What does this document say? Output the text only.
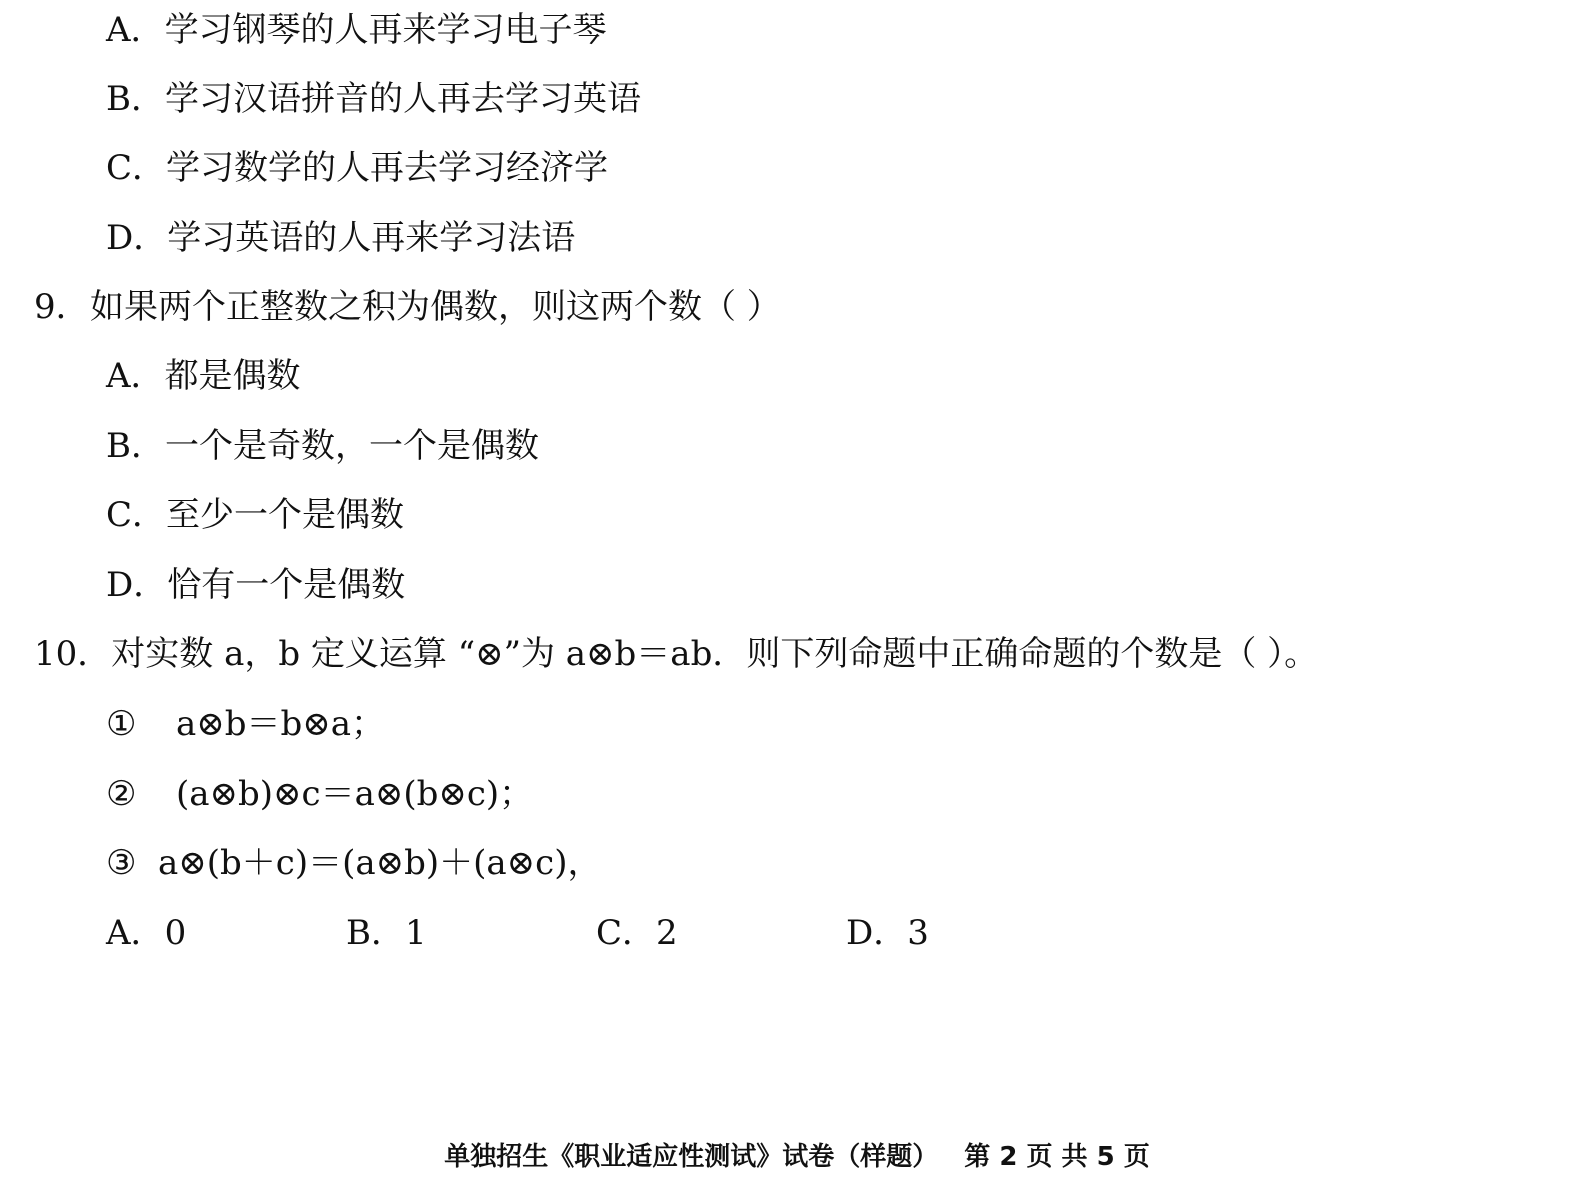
A．学习钢琴的人再来学习电子琴
B．学习汉语拼音的人再去学习英语
C．学习数学的人再去学习经济学
D．学习英语的人再来学习法语
9．如果两个正整数之积为偶数，则这两个数（ ）
A．都是偶数
B．一个是奇数，一个是偶数
C．至少一个是偶数
D．恰有一个是偶数
10．对实数 a，b 定义运算 “⊗”为 a⊗b＝ab．则下列命题中正确命题的个数是（ ）。
① a⊗b＝b⊗a；
② (a⊗b)⊗c＝a⊗(b⊗c)；
③ a⊗(b＋c)＝(a⊗b)＋(a⊗c)，
A．0	B．1	C．2	D．3
单独招生《职业适应性测试》试卷（样题） 第 2 页 共 5 页
